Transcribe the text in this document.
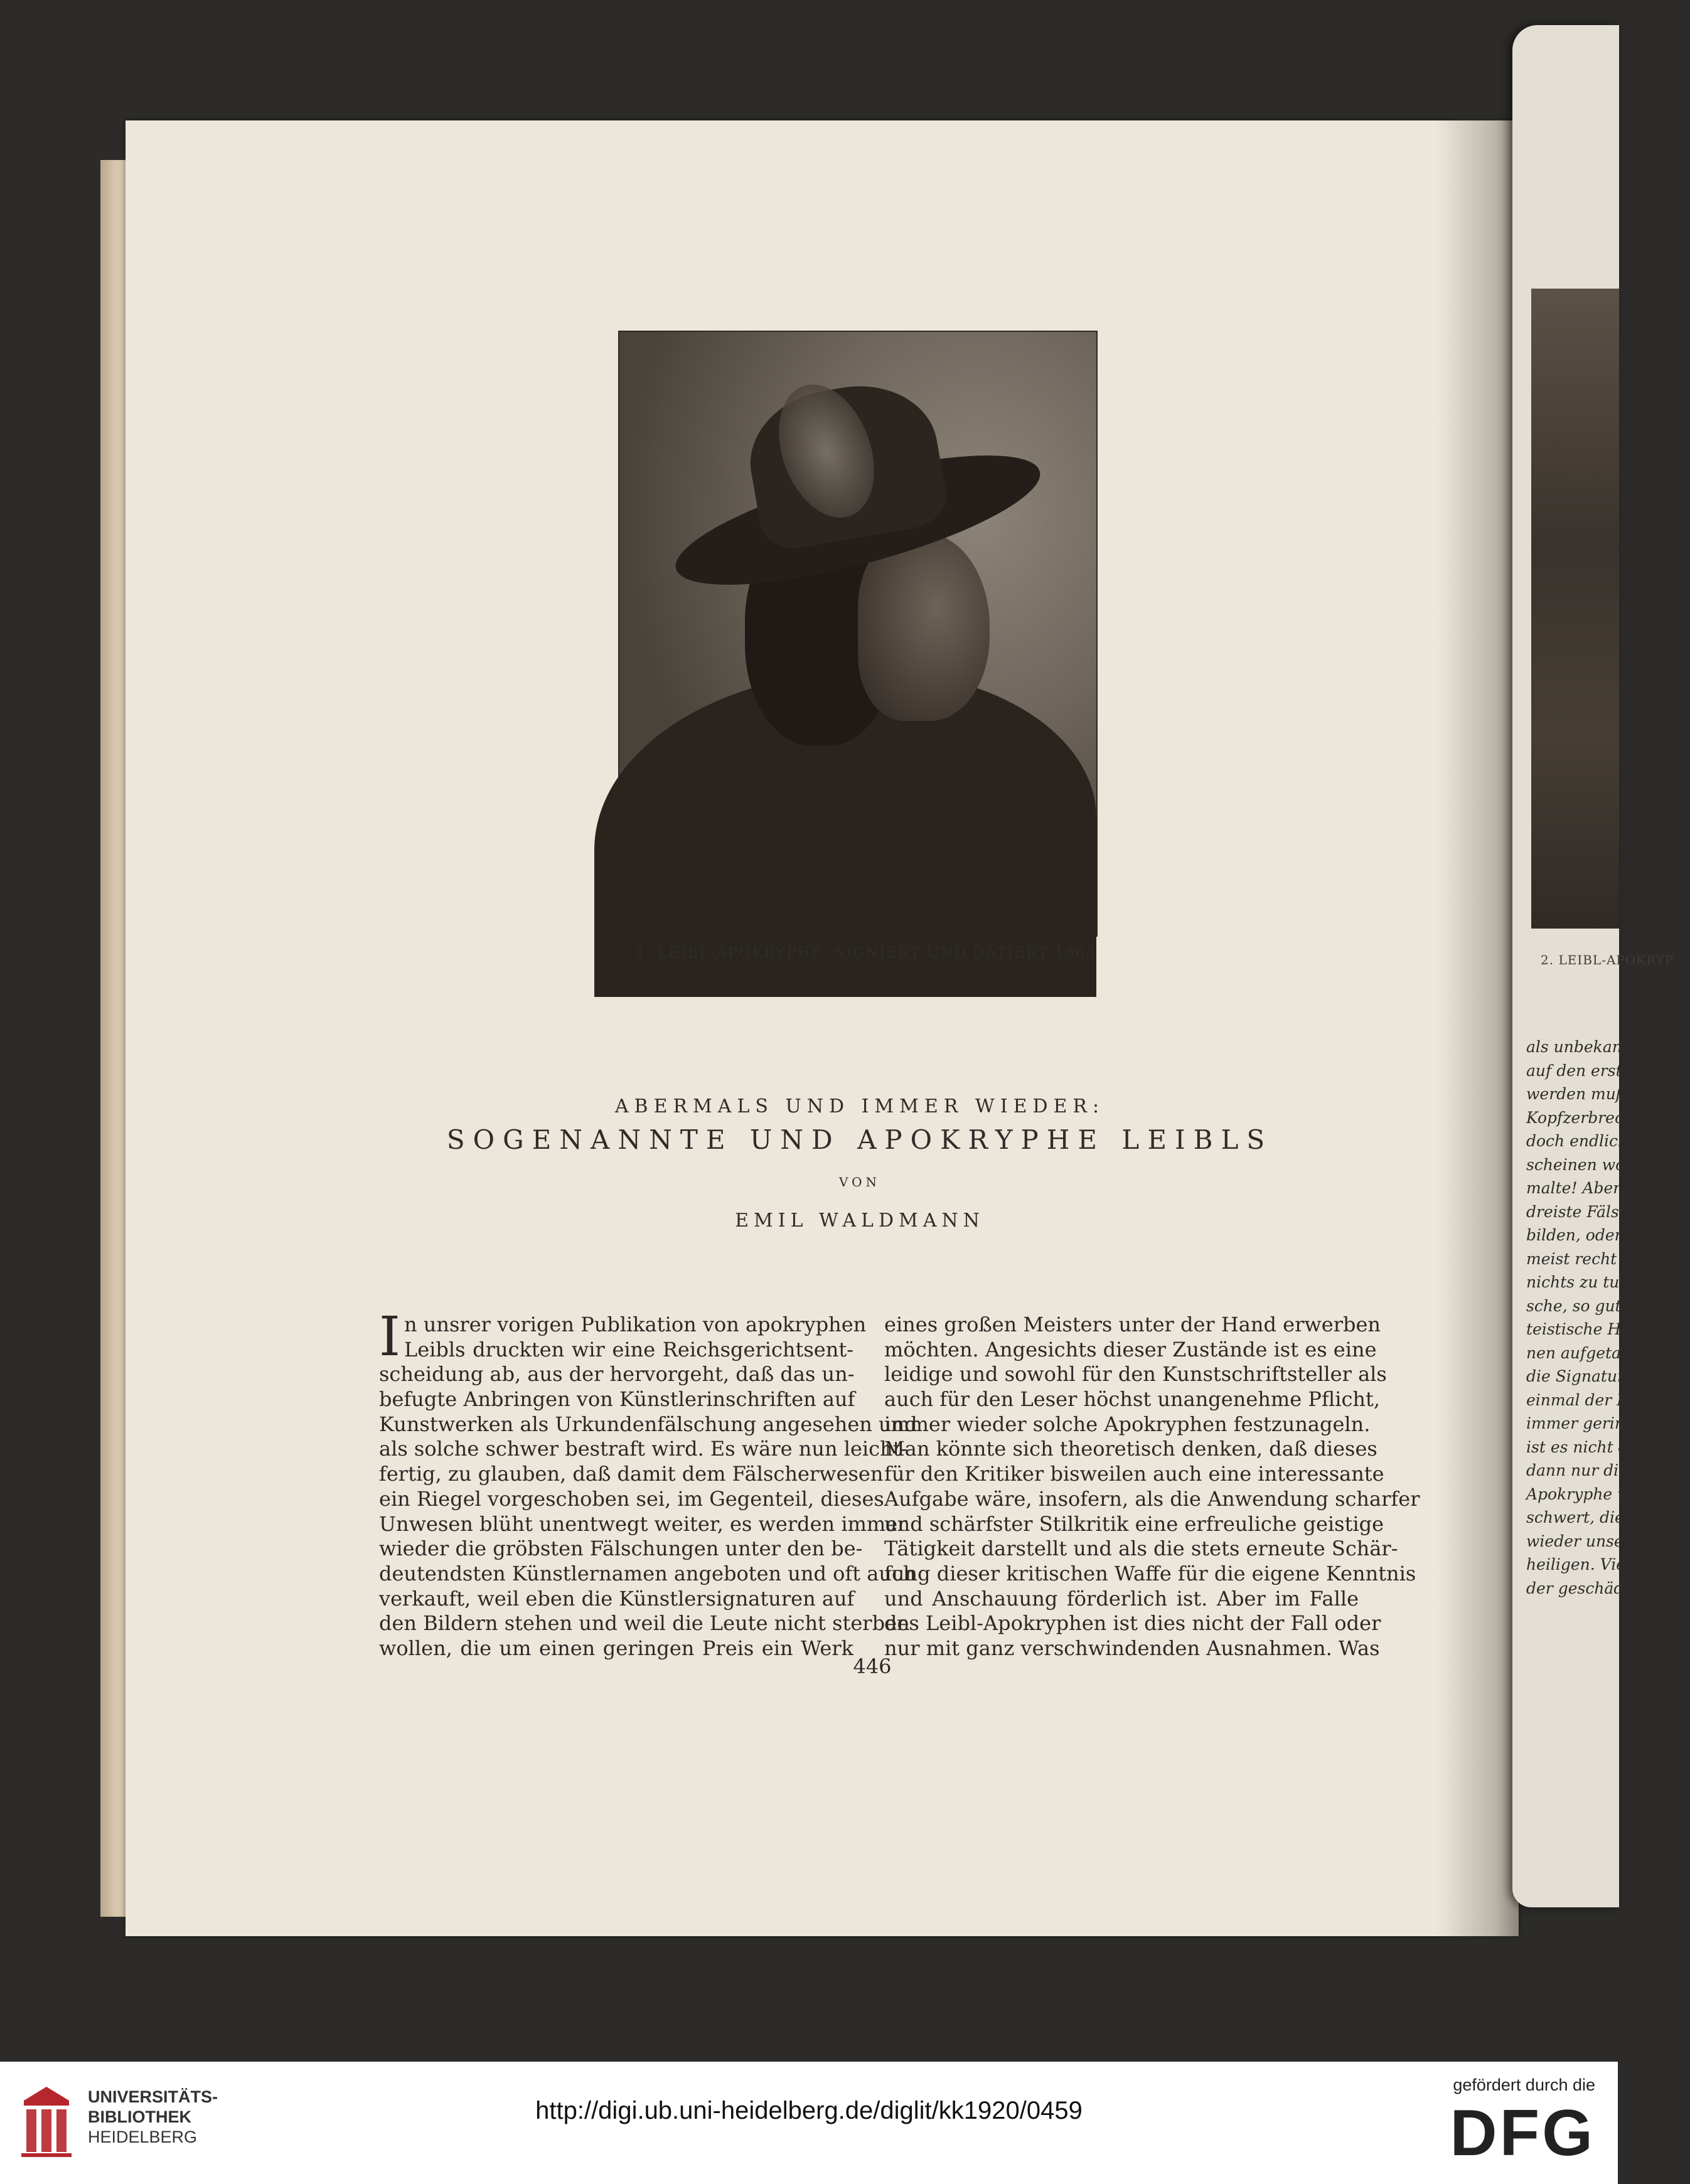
2. LEIBL-APOKRYP
als unbekannter Le
auf den ersten B
werden muß, so u
Kopfzerbrechen dar
doch endlich ein
scheinen wollte, di
malte! Aber nein
dreiste Fälschunger
bilden, oder aber
meist recht mittel
nichts zu tun habe
sche, so gut beka
teistische Handschri
nen aufgetauchten
die Signaturen so
einmal der Handsc
immer geringen) F
ist es nicht das eig
dann nur die Hoff
Apokryphe werde
schwert, die uns
wieder unsere Lese
heiligen. Vielleicht
der geschädigten K
1. LEIBL-APOKRYPHE. SIGNIERT UND DATIERT 1863
ABERMALS UND IMMER WIEDER:
SOGENANNTE UND APOKRYPHE LEIBLS
VON
EMIL WALDMANN
I n unsrer vorigen Publikation von apokryphen
Leibls druckten wir eine Reichsgerichtsent-
scheidung ab, aus der hervorgeht, daß das un-
befugte Anbringen von Künstlerinschriften auf
Kunstwerken als Urkundenfälschung angesehen und
als solche schwer bestraft wird. Es wäre nun leicht-
fertig, zu glauben, daß damit dem Fälscherwesen
ein Riegel vorgeschoben sei, im Gegenteil, dieses
Unwesen blüht unentwegt weiter, es werden immer
wieder die gröbsten Fälschungen unter den be-
deutendsten Künstlernamen angeboten und oft auch
verkauft, weil eben die Künstlersignaturen auf
den Bildern stehen und weil die Leute nicht sterben
wollen, die um einen geringen Preis ein Werk
eines großen Meisters unter der Hand erwerben
möchten. Angesichts dieser Zustände ist es eine
leidige und sowohl für den Kunstschriftsteller als
auch für den Leser höchst unangenehme Pflicht,
immer wieder solche Apokryphen festzunageln.
Man könnte sich theoretisch denken, daß dieses
für den Kritiker bisweilen auch eine interessante
Aufgabe wäre, insofern, als die Anwendung scharfer
und schärfster Stilkritik eine erfreuliche geistige
Tätigkeit darstellt und als die stets erneute Schär-
fung dieser kritischen Waffe für die eigene Kenntnis
und Anschauung förderlich ist. Aber im Falle
des Leibl-Apokryphen ist dies nicht der Fall oder
nur mit ganz verschwindenden Ausnahmen. Was
446
UNIVERSITÄTS-
BIBLIOTHEK
HEIDELBERG
http://digi.ub.uni-heidelberg.de/diglit/kk1920/0459
gefördert durch die
DFG
